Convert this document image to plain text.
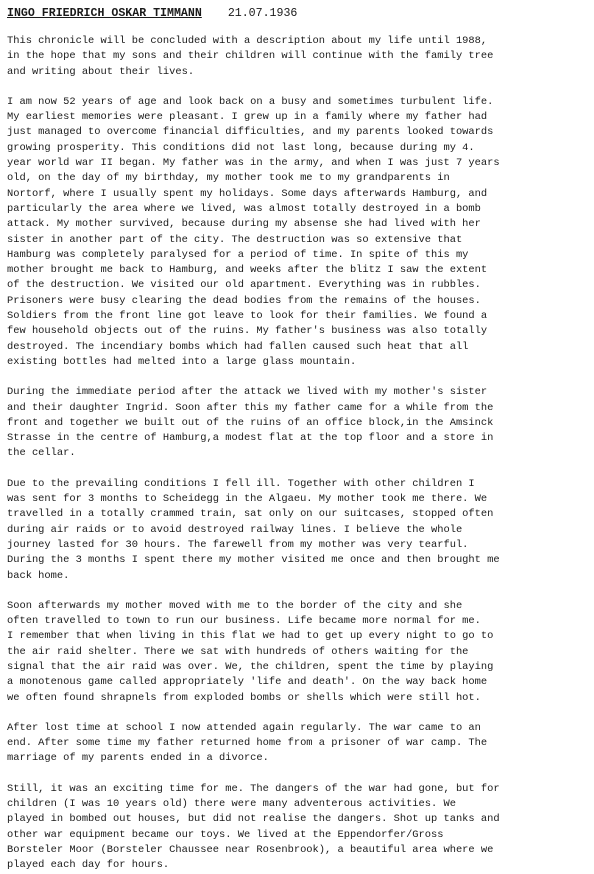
INGO FRIEDRICH OSKAR TIMMANN 21.07.1936
This chronicle will be concluded with a description about my life until 1988,
in the hope that my sons and their children will continue with the family tree
and writing about their lives.
I am now 52 years of age and look back on a busy and sometimes turbulent life.
My earliest memories were pleasant. I grew up in a family where my father had
just managed to overcome financial difficulties, and my parents looked towards
growing prosperity. This conditions did not last long, because during my 4.
year world war II began. My father was in the army, and when I was just 7 years
old, on the day of my birthday, my mother took me to my grandparents in
Nortorf, where I usually spent my holidays. Some days afterwards Hamburg, and
particularly the area where we lived, was almost totally destroyed in a bomb
attack. My mother survived, because during my absense she had lived with her
sister in another part of the city. The destruction was so extensive that
Hamburg was completely paralysed for a period of time. In spite of this my
mother brought me back to Hamburg, and weeks after the blitz I saw the extent
of the destruction. We visited our old apartment. Everything was in rubbles.
Prisoners were busy clearing the dead bodies from the remains of the houses.
Soldiers from the front line got leave to look for their families. We found a
few household objects out of the ruins. My father's business was also totally
destroyed. The incendiary bombs which had fallen caused such heat that all
existing bottles had melted into a large glass mountain.
During the immediate period after the attack we lived with my mother's sister
and their daughter Ingrid. Soon after this my father came for a while from the
front and together we built out of the ruins of an office block,in the Amsinck
Strasse in the centre of Hamburg,a modest flat at the top floor and a store in
the cellar.
Due to the prevailing conditions I fell ill. Together with other children I
was sent for 3 months to Scheidegg in the Algaeu. My mother took me there. We
travelled in a totally crammed train, sat only on our suitcases, stopped often
during air raids or to avoid destroyed railway lines. I believe the whole
journey lasted for 30 hours. The farewell from my mother was very tearful.
During the 3 months I spent there my mother visited me once and then brought me
back home.
Soon afterwards my mother moved with me to the border of the city and she
often travelled to town to run our business. Life became more normal for me.
I remember that when living in this flat we had to get up every night to go to
the air raid shelter. There we sat with hundreds of others waiting for the
signal that the air raid was over. We, the children, spent the time by playing
a monotenous game called appropriately 'life and death'. On the way back home
we often found shrapnels from exploded bombs or shells which were still hot.
After lost time at school I now attended again regularly. The war came to an
end. After some time my father returned home from a prisoner of war camp. The
marriage of my parents ended in a divorce.
Still, it was an exciting time for me. The dangers of the war had gone, but for
children (I was 10 years old) there were many adventerous activities. We
played in bombed out houses, but did not realise the dangers. Shot up tanks and
other war equipment became our toys. We lived at the Eppendorfer/Gross
Borsteler Moor (Borsteler Chaussee near Rosenbrook), a beautiful area where we
played each day for hours.
